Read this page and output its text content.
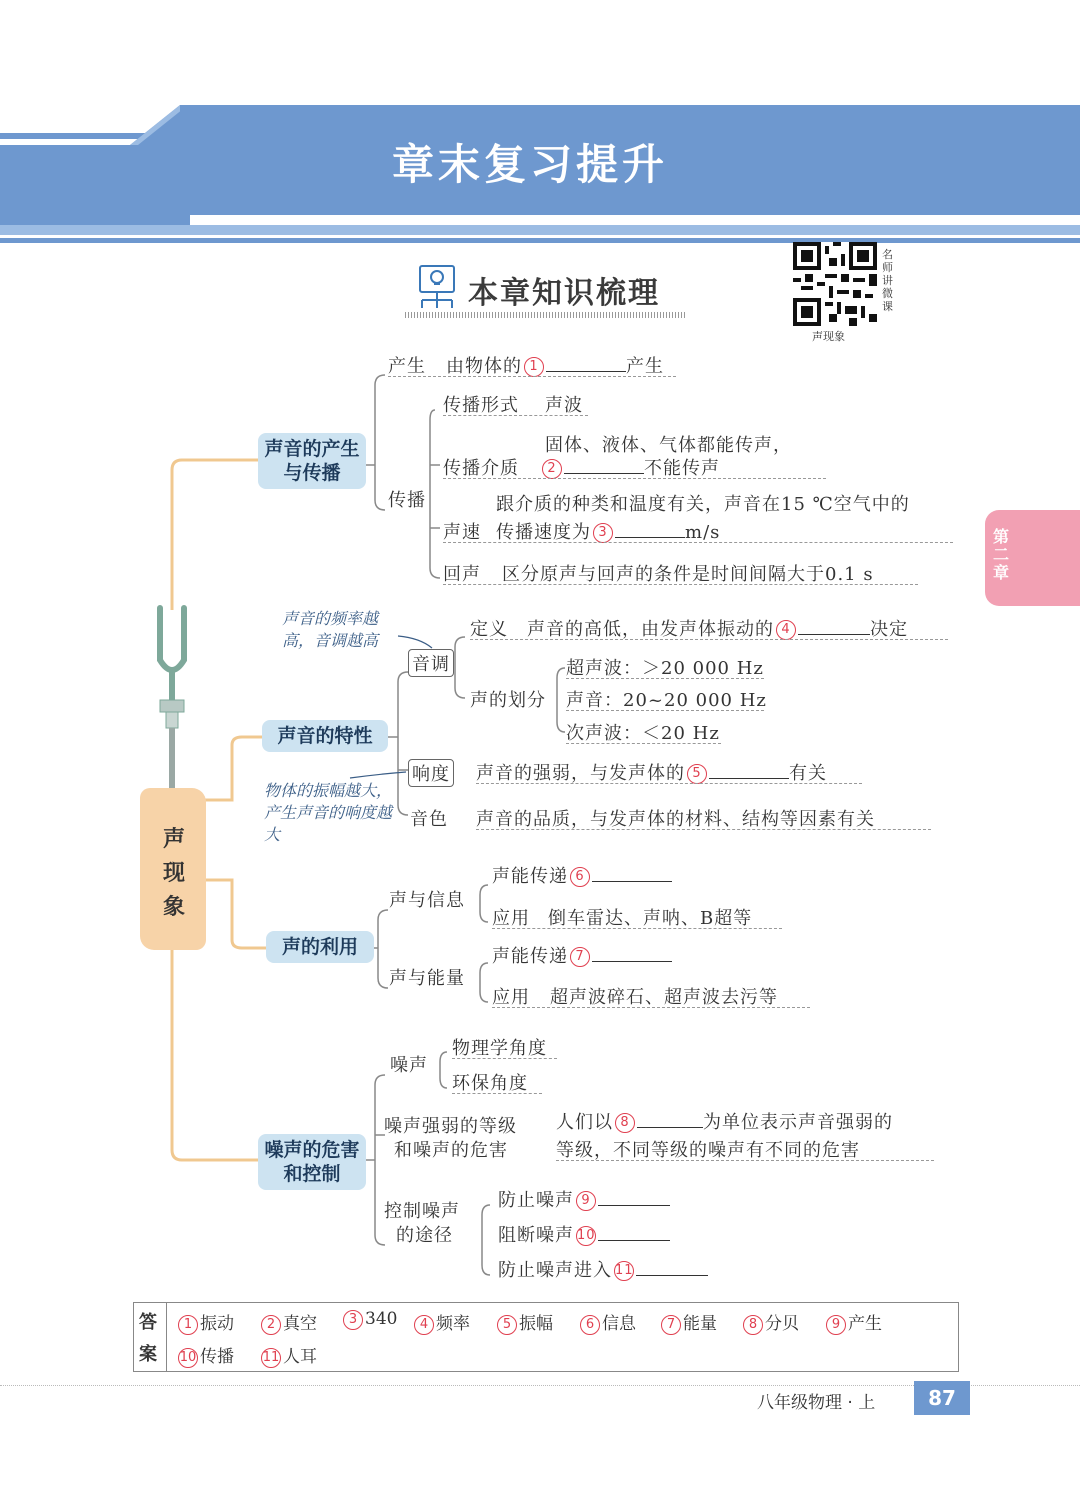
章末复习提升
本章知识梳理
名师讲微课
声现象
第二章
声现象
声音的产生与传播
产生 由物体的 1	产生
传播
传播形式 声波
固体、液体、气体都能传声，
传播介质	2	不能传声
跟介质的种类和温度有关，声音在15 ℃空气中的
声速 传播速度为 3	m/s
回声 区分原声与回声的条件是时间间隔大于0.1 s
声音的特性
声音的频率越高，音调越高
音调
定义 声音的高低，由发声体振动的 4	决定
声的划分
超声波：＞20 000 Hz
声音：20~20 000 Hz
次声波：＜20 Hz
物体的振幅越大，产生声音的响度越大
响度 声音的强弱，与发声体的 5	有关
音色 声音的品质，与发声体的材料、结构等因素有关
声的利用
声与信息
声能传递 6
应用 倒车雷达、声呐、B超等
声与能量
声能传递 7
应用 超声波碎石、超声波去污等
噪声的危害和控制
噪声
物理学角度
环保角度
噪声强弱的等级
和噪声的危害
人们以 8	为单位表示声音强弱的
等级，不同等级的噪声有不同的危害
控制噪声
的途径
防止噪声 9
阻断噪声 10
防止噪声进入 11
答案
1 振动	2 真空	3 340	4 频率	5 振幅	6 信息	7 能量	8 分贝	9 产生
10 传播 11 人耳
八年级物理 · 上	87
